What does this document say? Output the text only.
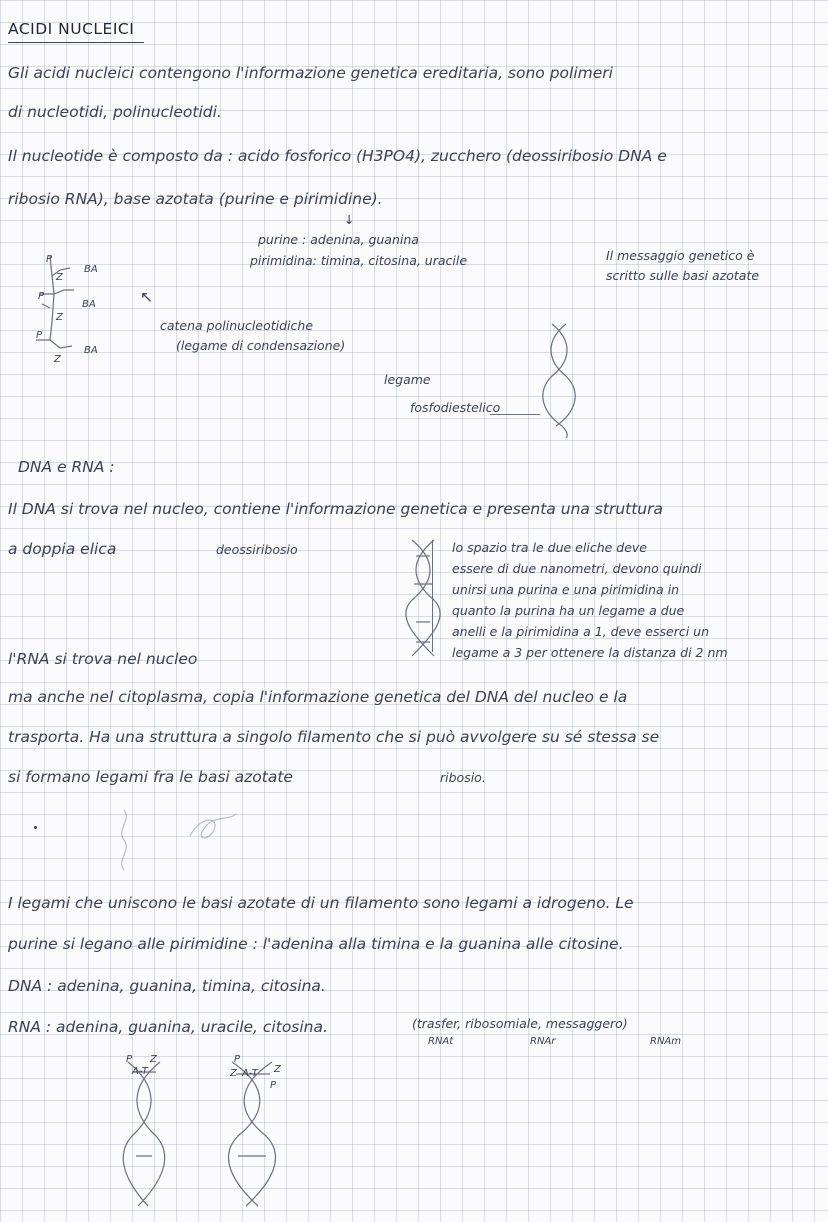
ACIDI NUCLEICI
Gli acidi nucleici contengono l'informazione genetica ereditaria, sono polimeri
di nucleotidi, polinucleotidi.
Il nucleotide è composto da : acido fosforico (H3PO4), zucchero (deossiribosio DNA e
ribosio RNA), base azotata (purine e pirimidine).
↓
purine : adenina, guanina
pirimidina: timina, citosina, uracile	Il messaggio genetico è
scritto sulle basi azotate
P
Z
BA
P
Z
BA
P
Z
BA
↖
catena polinucleotidiche
(legame di condensazione)
legame
fosfodiestelico
DNA e RNA :
Il DNA si trova nel nucleo, contiene l'informazione genetica e presenta una struttura
a doppia elica	deossiribosio	lo spazio tra le due eliche deve
essere di due nanometri, devono quindi
unirsi una purina e una pirimidina in
quanto la purina ha un legame a due
anelli e la pirimidina a 1, deve esserci un
legame a 3 per ottenere la distanza di 2 nm
l'RNA si trova nel nucleo
ma anche nel citoplasma, copia l'informazione genetica del DNA del nucleo e la
trasporta. Ha una struttura a singolo filamento che si può avvolgere su sé stessa se
si formano legami fra le basi azotate	ribosio.
I legami che uniscono le basi azotate di un filamento sono legami a idrogeno. Le
purine si legano alle pirimidine : l'adenina alla timina e la guanina alle citosine.
DNA : adenina, guanina, timina, citosina.
RNA : adenina, guanina, uracile, citosina.	(trasfer, ribosomiale, messaggero)
RNAt	RNAr	RNAm
A-T
P Z	P
Z A-T Z
P
